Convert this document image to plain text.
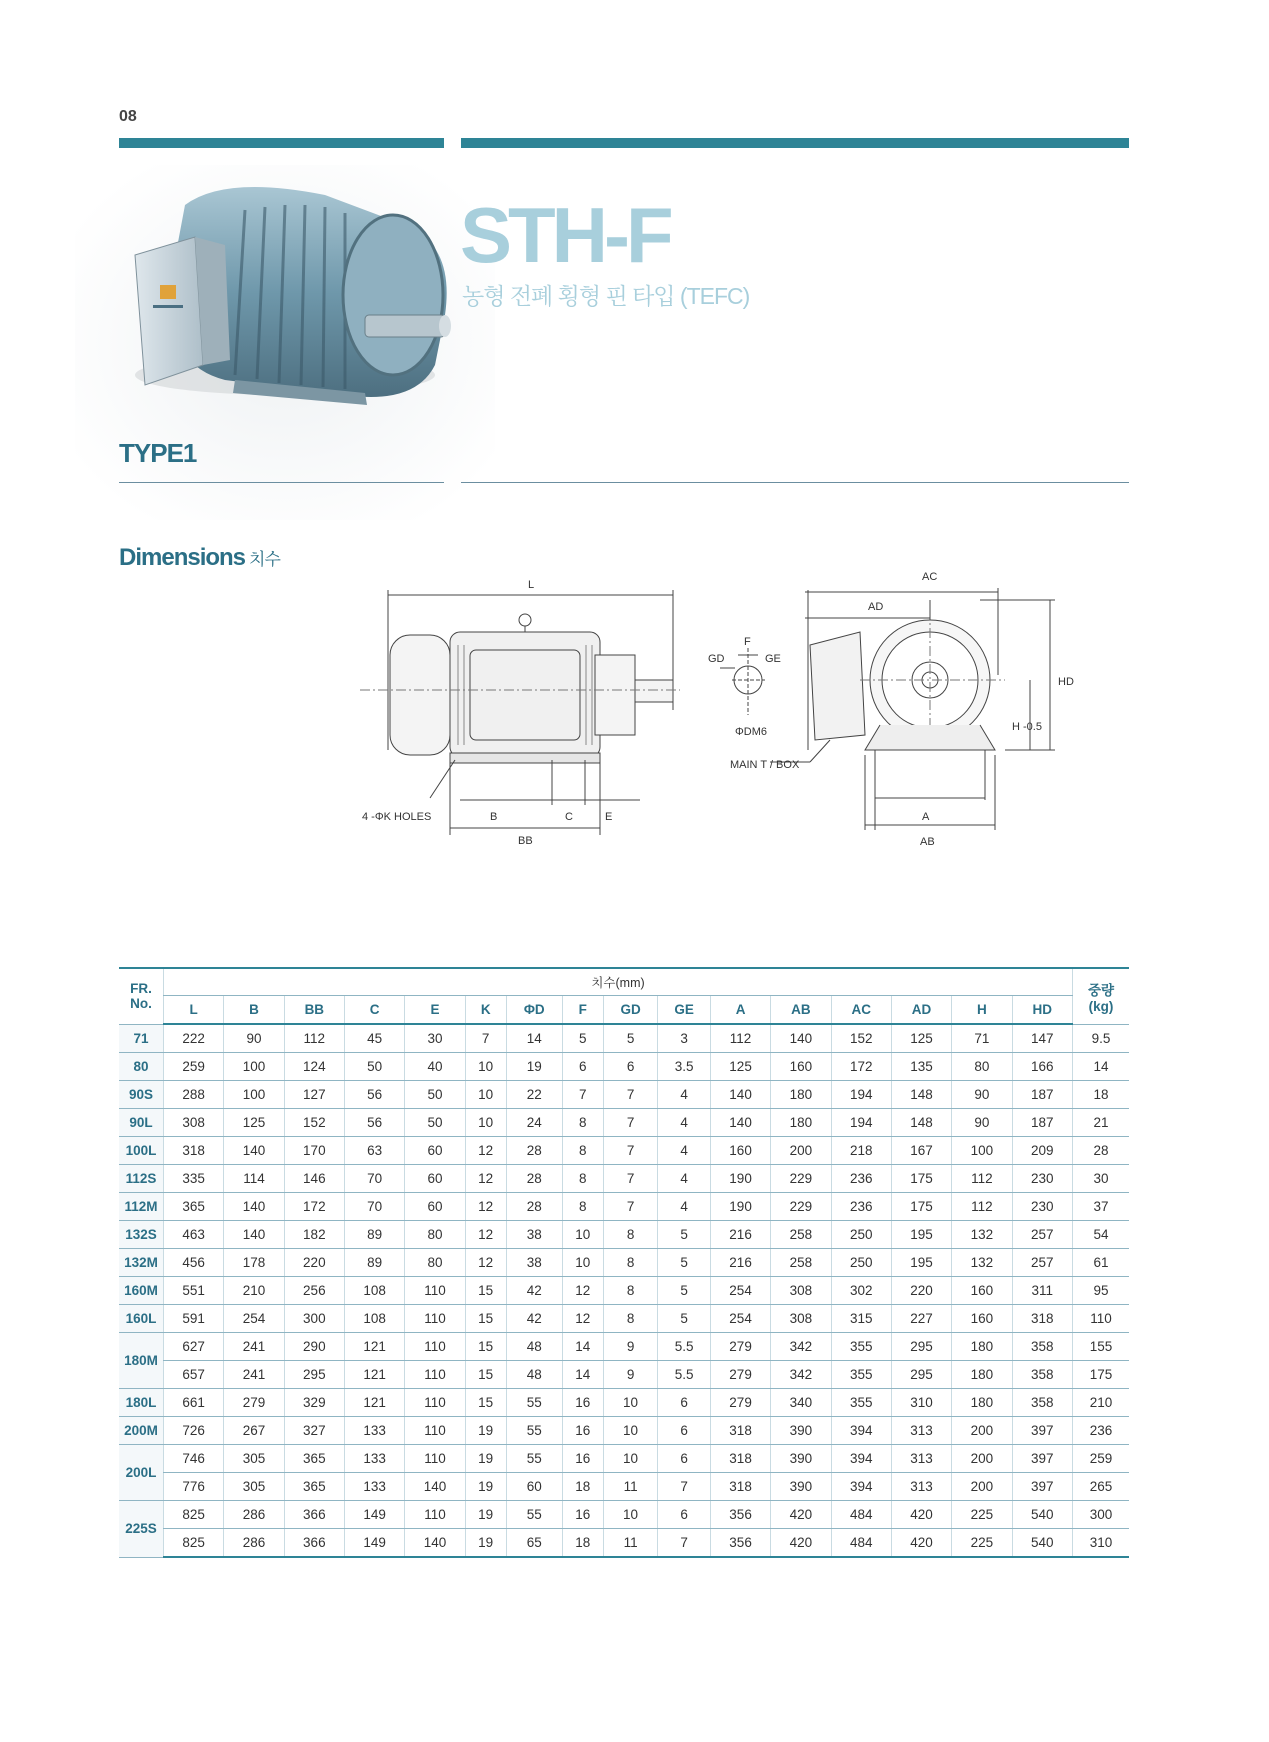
08
TYPE1
STH-F
농형 전폐 횡형 핀 타입 (TEFC)
Dimensions 치수
L
B
BB
C	E
4 -ΦK HOLES
F
GD	GE
ΦDM6
MAIN T / BOX
AC
AD
HD
H -0.5
A
AB
FR. No.	치수(mm)																중량
(kg)
	L	B	BB	C	E	K	ΦD	F	GD	GE	A	AB	AC	AD	H	HD	
71	222	90	112	45	30	7	14	5	5	3	112	140	152	125	71	147	9.5
80	259	100	124	50	40	10	19	6	6	3.5	125	160	172	135	80	166	14
90S	288	100	127	56	50	10	22	7	7	4	140	180	194	148	90	187	18
90L	308	125	152	56	50	10	24	8	7	4	140	180	194	148	90	187	21
100L	318	140	170	63	60	12	28	8	7	4	160	200	218	167	100	209	28
112S	335	114	146	70	60	12	28	8	7	4	190	229	236	175	112	230	30
112M	365	140	172	70	60	12	28	8	7	4	190	229	236	175	112	230	37
132S	463	140	182	89	80	12	38	10	8	5	216	258	250	195	132	257	54
132M	456	178	220	89	80	12	38	10	8	5	216	258	250	195	132	257	61
160M	551	210	256	108	110	15	42	12	8	5	254	308	302	220	160	311	95
160L	591	254	300	108	110	15	42	12	8	5	254	308	315	227	160	318	110
180M	627	241	290	121	110	15	48	14	9	5.5	279	342	355	295	180	358	155
	657	241	295	121	110	15	48	14	9	5.5	279	342	355	295	180	358	175
180L	661	279	329	121	110	15	55	16	10	6	279	340	355	310	180	358	210
200M	726	267	327	133	110	19	55	16	10	6	318	390	394	313	200	397	236
200L	746	305	365	133	110	19	55	16	10	6	318	390	394	313	200	397	259
	776	305	365	133	140	19	60	18	11	7	318	390	394	313	200	397	265
225S	825	286	366	149	110	19	55	16	10	6	356	420	484	420	225	540	300
	825	286	366	149	140	19	65	18	11	7	356	420	484	420	225	540	310
